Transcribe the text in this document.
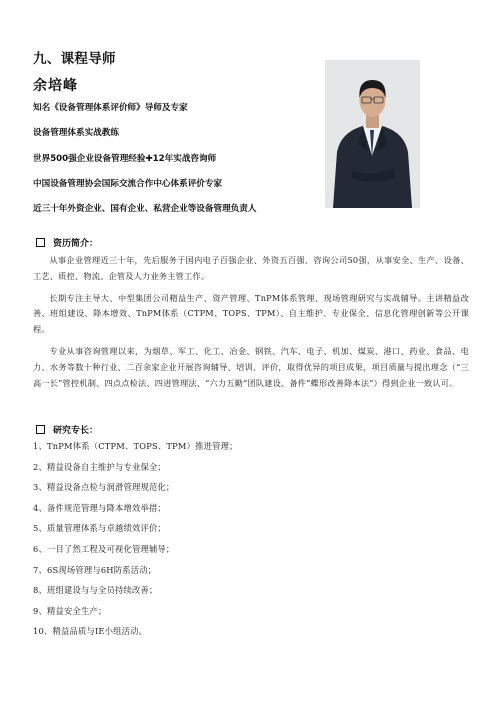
九、课程导师
余培峰
知名《设备管理体系评价师》导师及专家
设备管理体系实战教练
世界500强企业设备管理经验✚12年实战咨询师
中国设备管理协会国际交流合作中心体系评价专家
近三十年外资企业、国有企业、私营企业等设备管理负责人
资历简介：

从事企业管理近三十年，先后服务于国内电子百强企业、外资五百强、咨询公司50强，从事安全、生产、设备、工艺、质控、物流、企管及人力业务主管工作。

长期专注主导大、中型集团公司精益生产、资产管理、TnPM体系管理、现场管理研究与实战辅导。主讲精益改善、班组建设、降本增效、TnPM体系（CTPM、TOPS、TPM）、自主维护、专业保全、信息化管理创新等公开课程。

专业从事咨询管理以来，为烟草、军工、化工、冶金、钢铁、汽车、电子、机加、煤炭、港口、药业、食品、电力、水务等数十种行业、二百余家企业开展咨询辅导、培训、评价，取得优异的项目成果，项目质量与提出理念（“三高一长”管控机制、四点点检法、四进管理法、“六力五勤”团队建设、备件“蝶形改善降本法”）得到企业一致认可。

研究专长：
1、TnPM体系（CTPM、TOPS、TPM）推进管理；
2、精益设备自主维护与专业保全；
3、精益设备点检与润滑管理规范化；
4、备件规范管理与降本增效举措；
5、质量管理体系与卓越绩效评价；
6、一目了然工程及可视化管理辅导；
7、6S现场管理与6H防系活动；
8、班组建设与与全员持续改善；
9、精益安全生产；
10、精益品质与IE小组活动。
